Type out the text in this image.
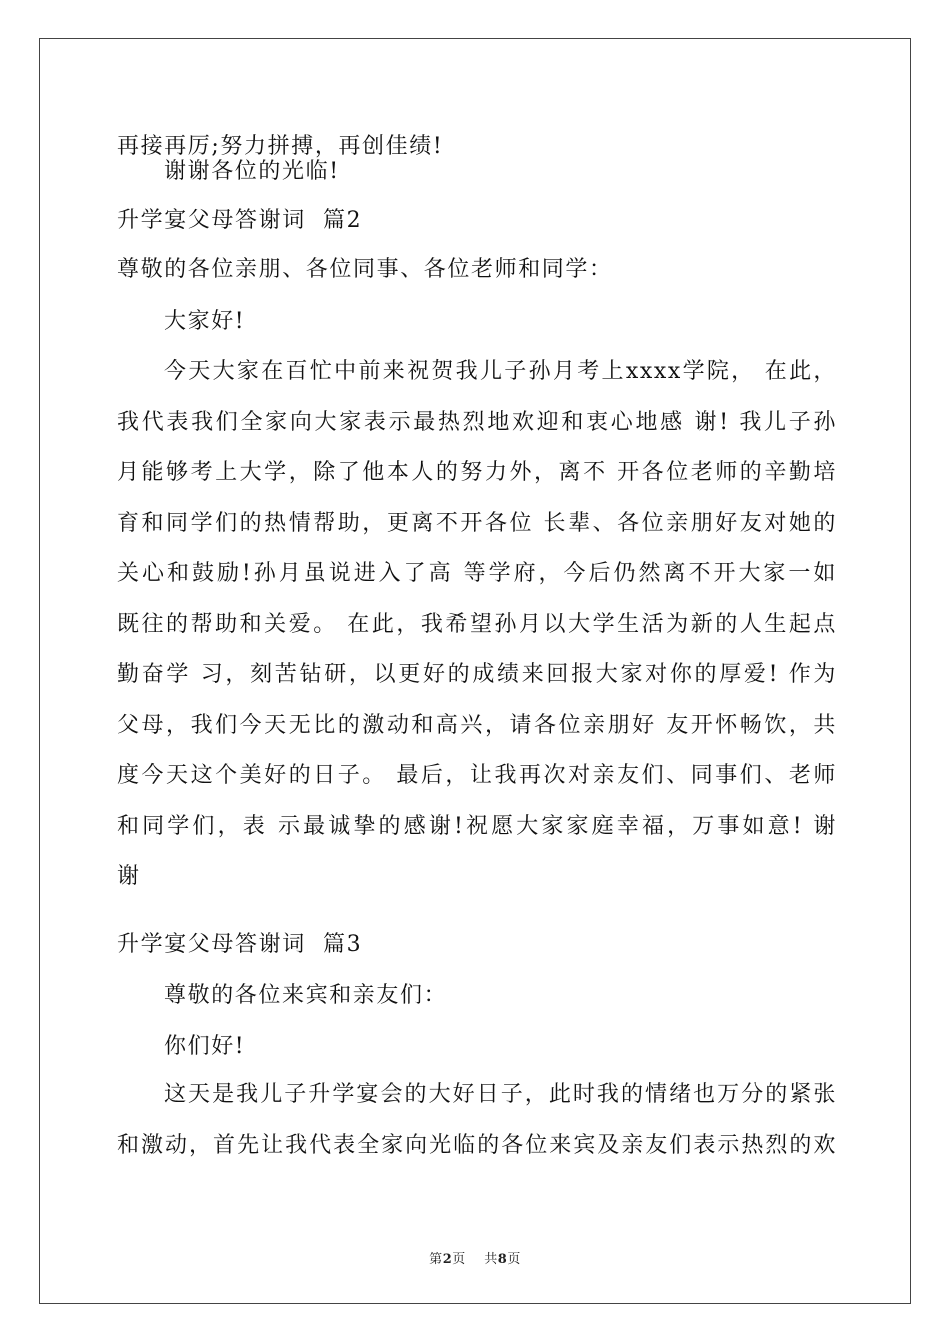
再接再厉;努力拼搏，再创佳绩!

谢谢各位的光临!

升学宴父母答谢词  篇2

尊敬的各位亲朋、各位同事、各位老师和同学：

大家好!

今天大家在百忙中前来祝贺我儿子孙月考上xxxx学院， 在此，

我代表我们全家向大家表示最热烈地欢迎和衷心地感 谢! 我儿子孙

月能够考上大学，除了他本人的努力外，离不 开各位老师的辛勤培

育和同学们的热情帮助，更离不开各位 长辈、各位亲朋好友对她的

关心和鼓励!孙月虽说进入了高 等学府，今后仍然离不开大家一如

既往的帮助和关爱。 在此，我希望孙月以大学生活为新的人生起点

勤奋学 习，刻苦钻研，以更好的成绩来回报大家对你的厚爱! 作为

父母，我们今天无比的激动和高兴，请各位亲朋好 友开怀畅饮，共

度今天这个美好的日子。 最后，让我再次对亲友们、同事们、老师

和同学们，表 示最诚挚的感谢!祝愿大家家庭幸福，万事如意! 谢

谢

升学宴父母答谢词  篇3

尊敬的各位来宾和亲友们：

你们好!

这天是我儿子升学宴会的大好日子，此时我的情绪也万分的紧张

和激动，首先让我代表全家向光临的各位来宾及亲友们表示热烈的欢

第2页    共8页
